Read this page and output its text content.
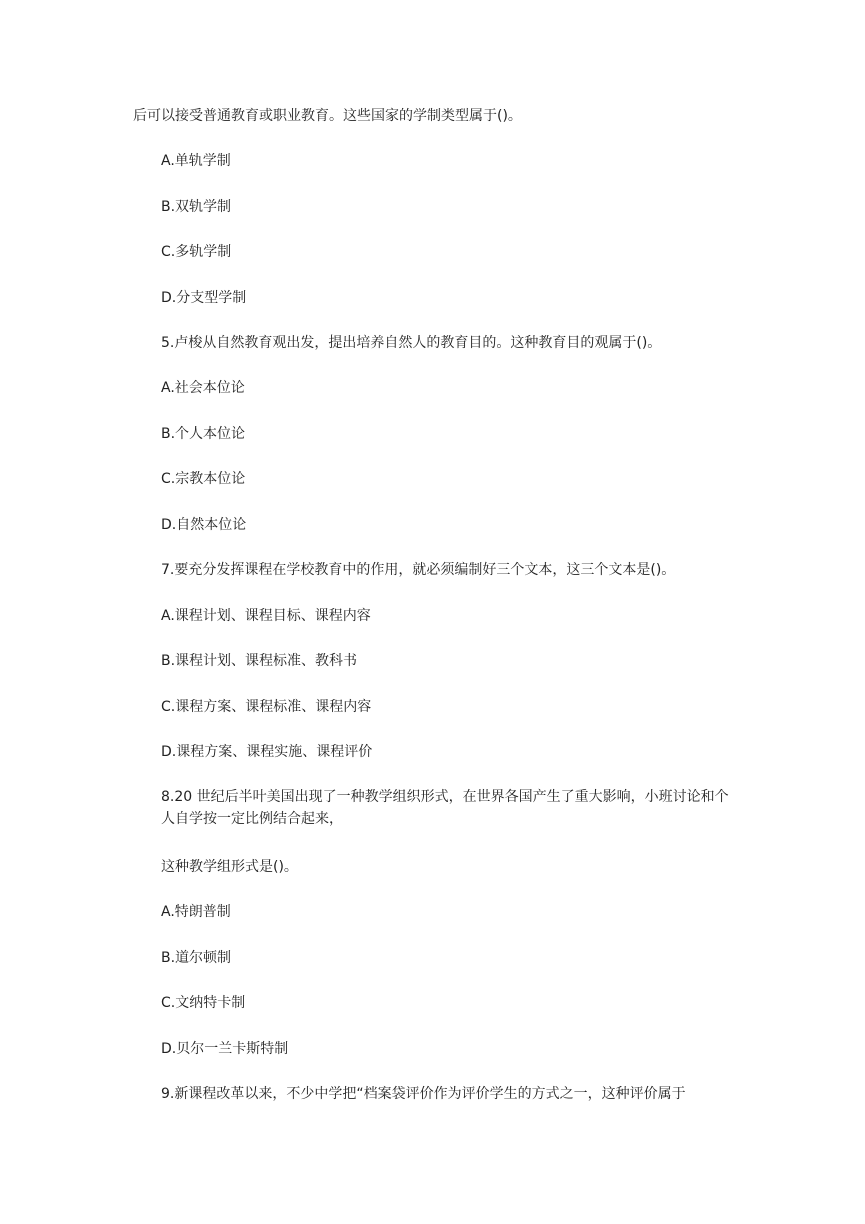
后可以接受普通教育或职业教育。这些国家的学制类型属于()。
A.单轨学制
B.双轨学制
C.多轨学制
D.分支型学制
5.卢梭从自然教育观出发，提出培养自然人的教育目的。这种教育目的观属于()。
A.社会本位论
B.个人本位论
C.宗教本位论
D.自然本位论
7.要充分发挥课程在学校教育中的作用，就必须编制好三个文本，这三个文本是()。
A.课程计划、课程目标、课程内容
B.课程计划、课程标准、教科书
C.课程方案、课程标准、课程内容
D.课程方案、课程实施、课程评价
8.20 世纪后半叶美国出现了一种教学组织形式，在世界各国产生了重大影响，小班讨论和个人自学按一定比例结合起来，
这种教学组形式是()。
A.特朗普制
B.道尔顿制
C.文纳特卡制
D.贝尔一兰卡斯特制
9.新课程改革以来，不少中学把“档案袋评价作为评价学生的方式之一，这种评价属于
